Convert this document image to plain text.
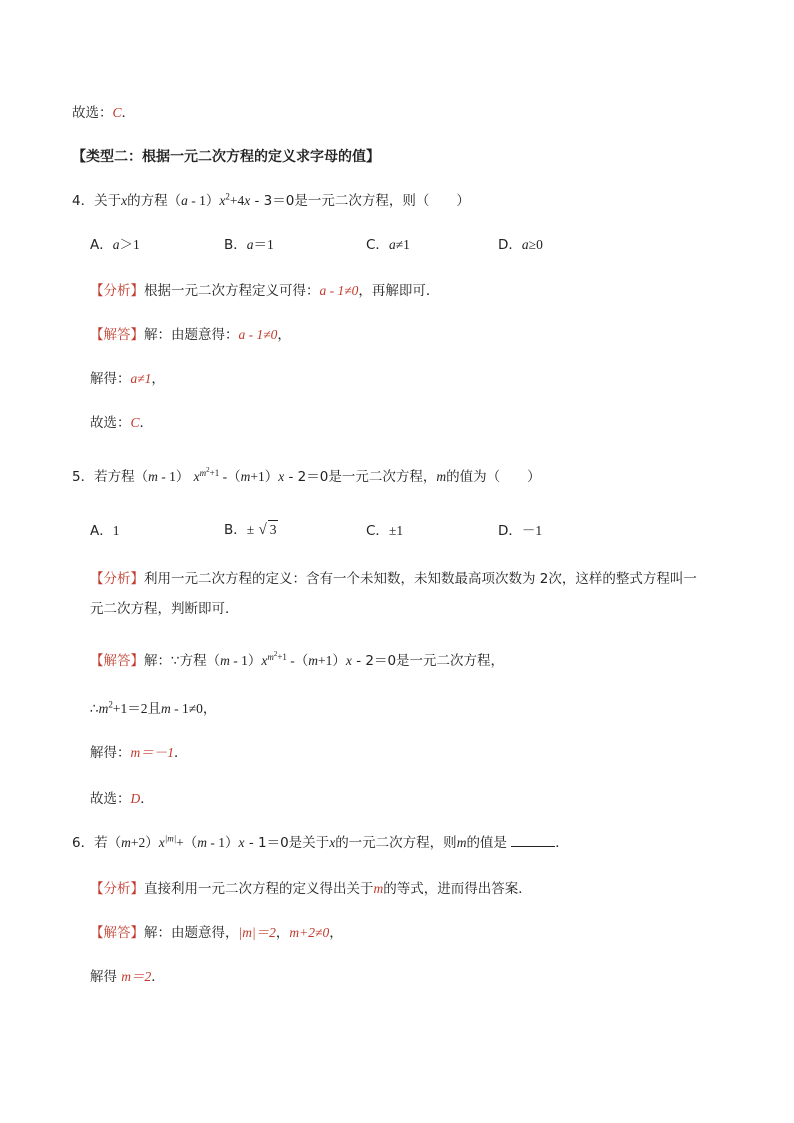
故选：C．
【类型二：根据一元二次方程的定义求字母的值】
4．关于x的方程$(a - 1)x^2+4x - 3=0$是一元二次方程，则（　　）
A．a＞1	B．a＝1	C．a≠1	D．a≥0
【分析】根据一元二次方程定义可得：a - 1≠0，再解即可．
【解答】解：由题意得：a - 1≠0，
解得：a≠1，
故选：C．
5．若方程（m - 1） $x^{m^2+1}$ -（m+1）x - 2＝0是一元二次方程，m的值为（　　）
A．1	B．± √ 3	C．±1	D．－1
【分析】利用一元二次方程的定义：含有一个未知数，未知数最高项次数为 2次，这样的整式方程叫一
元二次方程，判断即可．
【解答】解：∵方程$(m - 1)x^{m^2+1}$ -（m+1）x - 2＝0是一元二次方程，
$\therefore m^2+1=2$且m - 1≠0，
解得：m＝－1．
故选：D．
6．若$(m+2)x^{|m|}+(m - 1)x - 1=0$是关于x的一元二次方程，则m的值是	．
【分析】直接利用一元二次方程的定义得出关于m的等式，进而得出答案．
【解答】解：由题意得，|m|＝2，m+2≠0，
解得 m＝2．
